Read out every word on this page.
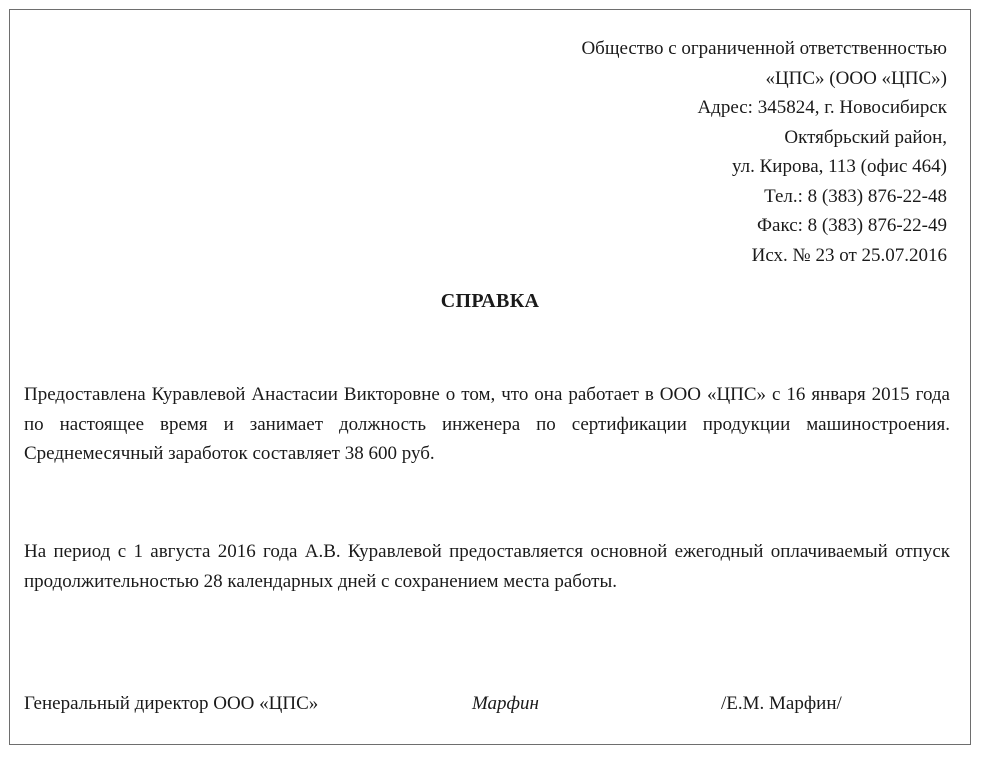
Общество с ограниченной ответственностью
«ЦПС» (ООО «ЦПС»)
Адрес: 345824, г. Новосибирск
Октябрьский район,
ул. Кирова, 113 (офис 464)
Тел.: 8 (383) 876-22-48
Факс: 8 (383) 876-22-49
Исх. № 23 от 25.07.2016
СПРАВКА
Предоставлена Куравлевой Анастасии Викторовне о том, что она работает в ООО «ЦПС» с 16 января 2015 года по настоящее время и занимает должность инженера по сертификации продукции машиностроения. Среднемесячный заработок составляет 38 600 руб.
На период с 1 августа 2016 года А.В. Куравлевой предоставляется основной ежегодный оплачиваемый отпуск продолжительностью 28 календарных дней с сохранением места работы.
Генеральный директор ООО «ЦПС»	Марфин	/Е.М. Марфин/
